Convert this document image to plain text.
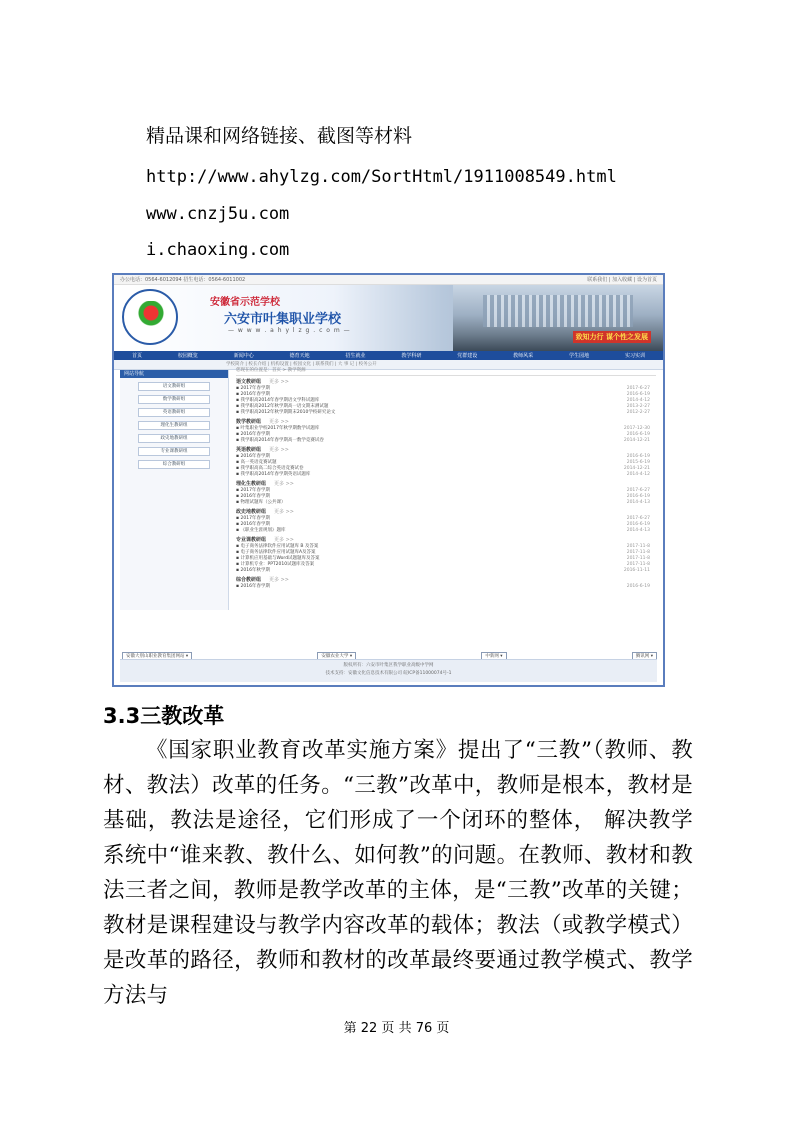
精品课和网络链接、截图等材料
http://www.ahylzg.com/SortHtml/1911008549.html
www.cnzj5u.com
i.chaoxing.com
办公电话：0564-6012094 招生电话：0564-6011002	联系我们 | 加入收藏 | 设为首页
安徽省示范学校
六安市叶集职业学校
— w w w . a h y l z g . c o m —
致知力行 谋个性之发展
首页	校园概览	新闻中心	德育天地	招生就业	教学科研	党群建设	教师风采	学生园地	实习实训
学校简介 | 校长介绍 | 机构设置 | 校园文化 | 联系我们 | 大 事 记 | 校务公开
网站导航
语文教研组
数学教研组
英语教研组
理化生教研组
政史地教研组
专业课教研组
综合教研组
您现在的位置是：首页 > 教学资源
语文教研组 更多 >>
▪ 2017年春学期	2017-6-27
▪ 2016年春学期	2016-6-19
▪ 我学职高2014年春学期语文学科试题库	2014-4-12
▪ 我学职高2012年秋学期高一语文期末测试题	2013-2-27
▪ 我学职高2012年秋学期期末2010学校研究论文	2012-2-27
数学教研组 更多 >>
▪ 叶集职业学校2017年秋学期数学试题库	2017-12-30
▪ 2016年春学期	2016-6-19
▪ 我学职高2014年春学期高一数学竞赛试卷	2014-12-21
英语教研组 更多 >>
▪ 2016年春学期	2016-6-19
▪ 高一英语竞赛试题	2015-6-19
▪ 我学职高高二综合英语竞赛试卷	2014-12-21
▪ 我学职高2014年春学期英语试题库	2014-4-12
理化生教研组 更多 >>
▪ 2017年春学期	2017-6-27
▪ 2016年春学期	2016-6-19
▪ 物理试题库（公共课）	2014-4-13
政史地教研组 更多 >>
▪ 2017年春学期	2017-6-27
▪ 2016年春学期	2016-6-19
▪ 《职业生涯规划》题库	2014-4-13
专业课教研组 更多 >>
▪ 电子商务法律软件应用试题库 B 及答案	2017-11-8
▪ 电子商务法律软件应用试题库A及答案	2017-11-8
▪ 计算机应用基础与Word试题题库及答案	2017-11-8
▪ 计算机专业：PPT2010试题库及答案	2017-11-8
▪ 2016年秋学期	2016-11-11
综合教研组 更多 >>
▪ 2016年春学期	2016-6-19
安徽大别山职业教育集团网站 ▾	安徽农业大学 ▾	中新网 ▾	腾讯网 ▾
版权所有：六安市叶集区我学职业高级中学网
技术支持：安徽文化信息技术有限公司 皖ICP备11000074号-1
3.3三教改革
《国家职业教育改革实施方案》提出了“三教”（教师、教材、教法）改革的任务。“三教”改革中，教师是根本，教材是基础，教法是途径，它们形成了一个闭环的整体， 解决教学系统中“谁来教、教什么、如何教”的问题。在教师、教材和教法三者之间，教师是教学改革的主体，是“三教”改革的关键；教材是课程建设与教学内容改革的载体；教法（或教学模式）是改革的路径，教师和教材的改革最终要通过教学模式、教学方法与
第 22 页 共 76 页
